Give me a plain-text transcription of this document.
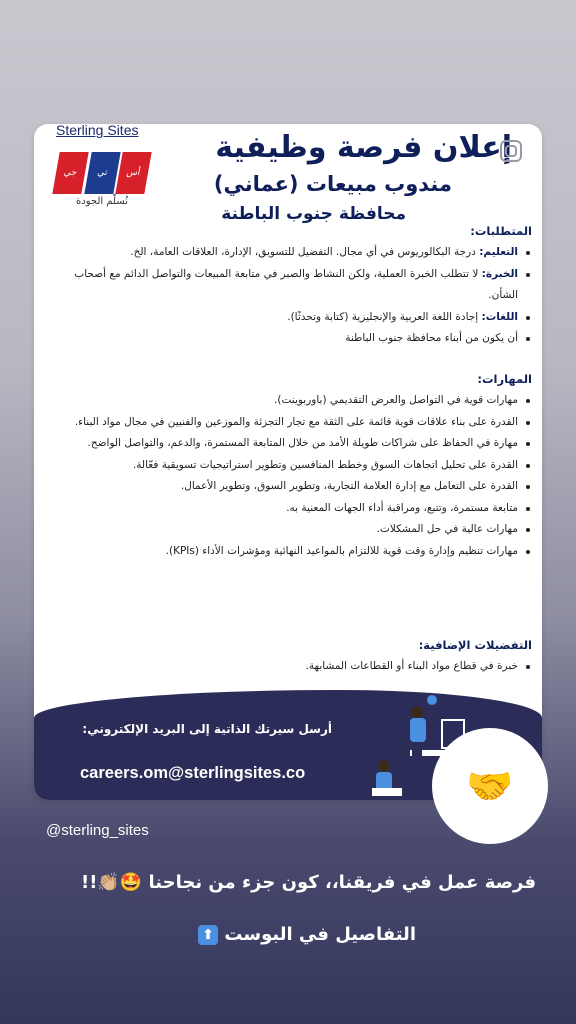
Sterling Sites
جي	تي	أس
نُسلّم الجودة
إعلان فرصة وظيفية
مندوب مبيعات (عماني)
محافظة جنوب الباطنة
المتطلبات:
التعليم: درجة البكالوريوس في أي مجال. التفضيل للتسويق، الإدارة، العلاقات العامة، الخ.
الخبرة: لا تتطلب الخبرة العملية، ولكن النشاط والصبر في متابعة المبيعات والتواصل الدائم مع أصحاب الشأن.
اللغات: إجادة اللغة العربية والإنجليزية (كتابة وتحدثًا).
أن يكون من أبناء محافظة جنوب الباطنة
المهارات:
مهارات قوية في التواصل والعرض التقديمي (باوربوينت).
القدرة على بناء علاقات قوية قائمة على الثقة مع تجار التجزئة والموزعين والفنيين في مجال مواد البناء.
مهارة في الحفاظ على شراكات طويلة الأمد من خلال المتابعة المستمرة، والدعم، والتواصل الواضح.
القدرة على تحليل اتجاهات السوق وخطط المنافسين وتطوير استراتيجيات تسويقية فعّالة.
القدرة على التعامل مع إدارة العلامة التجارية، وتطوير السوق، وتطوير الأعمال.
متابعة مستمرة، وتتبع، ومراقبة أداء الجهات المعنية به.
مهارات عالية في حل المشكلات.
مهارات تنظيم وإدارة وقت قوية للالتزام بالمواعيد النهائية ومؤشرات الأداء (KPIs).
التفضيلات الإضافية:
خبرة في قطاع مواد البناء أو القطاعات المشابهة.
أرسل سيرتك الذاتية إلى البريد الإلكتروني:
careers.om@sterlingsites.co	🤝
@sterling_sites
فرصة عمل في فريقنا،، كون جزء من نجاحنا 🤩👏🏼!!
التفاصيل في البوست ⬆
